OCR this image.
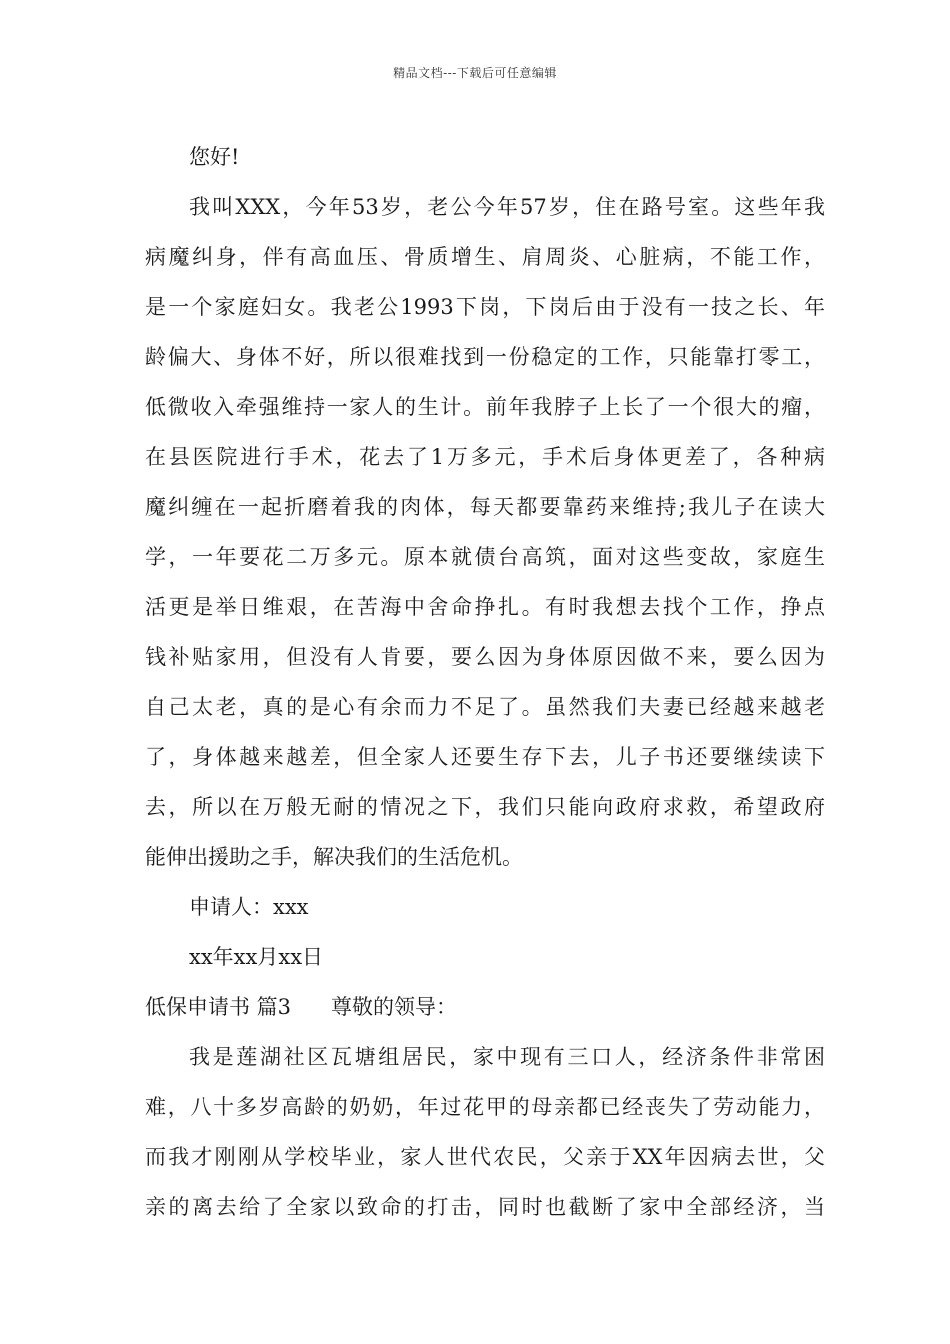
精品文档---下载后可任意编辑

您好!

我叫XXX，今年53岁，老公今年57岁，住在路号室。这些年我
病魔纠身，伴有高血压、骨质增生、肩周炎、心脏病，不能工作，
是一个家庭妇女。我老公1993下岗，下岗后由于没有一技之长、年
龄偏大、身体不好，所以很难找到一份稳定的工作，只能靠打零工，
低微收入牵强维持一家人的生计。前年我脖子上长了一个很大的瘤，
在县医院进行手术，花去了1万多元，手术后身体更差了，各种病
魔纠缠在一起折磨着我的肉体，每天都要靠药来维持;我儿子在读大
学，一年要花二万多元。原本就债台高筑，面对这些变故，家庭生
活更是举日维艰，在苦海中舍命挣扎。有时我想去找个工作，挣点
钱补贴家用，但没有人肯要，要么因为身体原因做不来，要么因为
自己太老，真的是心有余而力不足了。虽然我们夫妻已经越来越老
了，身体越来越差，但全家人还要生存下去，儿子书还要继续读下
去，所以在万般无耐的情况之下，我们只能向政府求救，希望政府
能伸出援助之手，解决我们的生活危机。

申请人：xxx

xx年xx月xx日

低保申请书 篇3 尊敬的领导：

我是莲湖社区瓦塘组居民，家中现有三口人，经济条件非常困
难，八十多岁高龄的奶奶，年过花甲的母亲都已经丧失了劳动能力，
而我才刚刚从学校毕业，家人世代农民，父亲于XX年因病去世，父
亲的离去给了全家以致命的打击，同时也截断了家中全部经济，当
